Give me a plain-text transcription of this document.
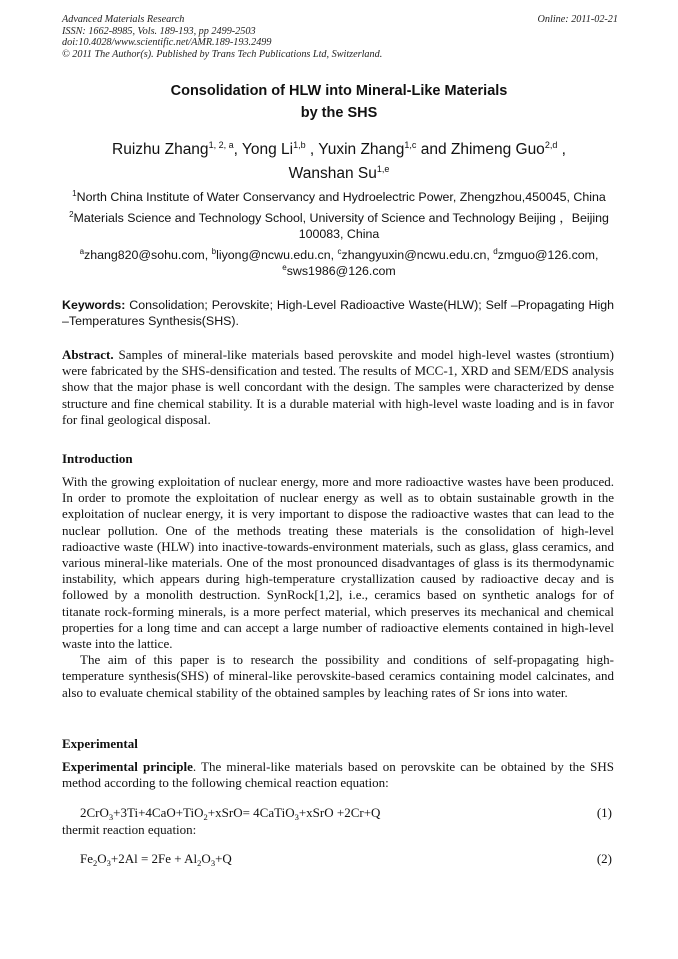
Advanced Materials Research
ISSN: 1662-8985, Vols. 189-193, pp 2499-2503
doi:10.4028/www.scientific.net/AMR.189-193.2499
© 2011 The Author(s). Published by Trans Tech Publications Ltd, Switzerland.
Online: 2011-02-21
Consolidation of HLW into Mineral-Like Materials
by the SHS
Ruizhu Zhang$^{1, 2, a}$, Yong Li$^{1,b}$ , Yuxin Zhang$^{1,c}$ and Zhimeng Guo$^{2,d}$ ,
Wanshan Su$^{1,e}$
$^1$North China Institute of Water Conservancy and Hydroelectric Power, Zhengzhou,450045, China
$^2$Materials Science and Technology School, University of Science and Technology Beijing ，Beijing 100083, China
$^a$zhang820@sohu.com, $^b$liyong@ncwu.edu.cn, $^c$zhangyuxin@ncwu.edu.cn, $^d$zmguo@126.com,
$^e$sws1986@126.com
Keywords: Consolidation; Perovskite; High-Level Radioactive Waste(HLW); Self –Propagating High –Temperatures Synthesis(SHS).
Abstract. Samples of mineral-like materials based perovskite and model high-level wastes (strontium) were fabricated by the SHS-densification and tested. The results of MCC-1, XRD and SEM/EDS analysis show that the major phase is well concordant with the design. The samples were characterized by dense structure and fine chemical stability. It is a durable material with high-level waste loading and is in favor for final geological disposal.
Introduction

With the growing exploitation of nuclear energy, more and more radioactive wastes have been produced. In order to promote the exploitation of nuclear energy as well as to obtain sustainable growth in the exploitation of nuclear energy, it is very important to dispose the radioactive wastes that can lead to the nuclear pollution. One of the methods treating these materials is the consolidation of high-level radioactive waste (HLW) into inactive-towards-environment materials, such as glass, glass ceramics, and various mineral-like materials. One of the most pronounced disadvantages of glass is its thermodynamic instability, which appears during high-temperature crystallization caused by radioactive decay and is followed by a monolith destruction. SynRock[1,2], i.e., ceramics based on synthetic analogs for of titanate rock-forming minerals, is a more perfect material, which preserves its mechanical and chemical properties for a long time and can accept a large number of radioactive elements contained in high-level waste into the lattice.

The aim of this paper is to research the possibility and conditions of self-propagating high-temperature synthesis(SHS) of mineral-like perovskite-based ceramics containing model calcinates, and also to evaluate chemical stability of the obtained samples by leaching rates of Sr ions into water.

Experimental
Experimental principle. The mineral-like materials based on perovskite can be obtained by the SHS method according to the following chemical reaction equation:
2CrO$_3$+3Ti+4CaO+TiO$_2$+xSrO= 4CaTiO$_3$+xSrO +2Cr+Q	(1)
thermit reaction equation:
$Fe_2O_3+2Al = 2Fe + Al_2O_3+Q$	(2)
